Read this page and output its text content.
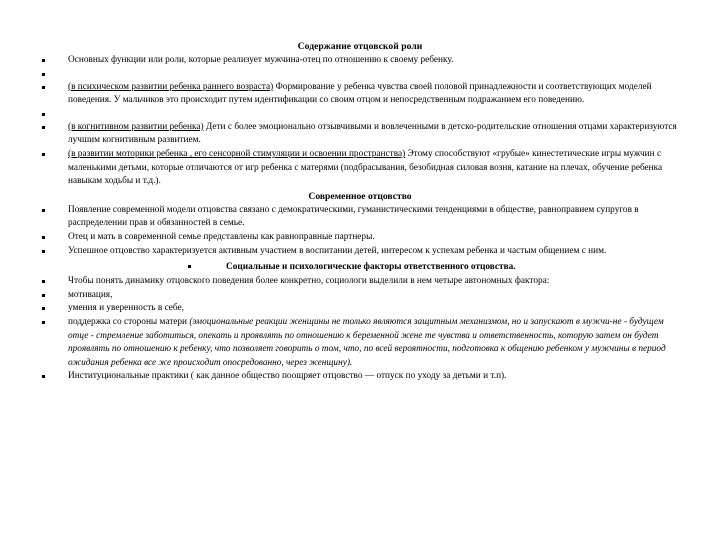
Содержание отцовской роли
Основных функции или роли, которые реализует мужчина-отец по отношению к своему ребенку.
(в психическом развитии ребенка раннего возраста) Формирование у ребенка чувства своей половой принадлежности и соответствующих моделей поведения. У мальчиков это происходит путем идентификации со своим отцом и непосредственным подражанием его поведению.
(в когнитивном развитии ребенка) Дети с более эмоционально отзывчивыми и вовлеченными в детско-родительские отношения отцами характеризуются лучшим когнитивным развитием.
(в развитии моторики ребенка , его сенсорной стимуляции и освоении пространства) Этому способствуют «грубые» кинестетические игры мужчин с маленькими детьми, которые отличаются от игр ребенка с матерями (подбрасывания, безобидная силовая возня, катание на плечах, обучение ребенка навыкам ходьбы и т.д.).
Современное отцовство
Появление современной модели отцовства связано с демократическими, гуманистическими тенденциями в обществе, равноправием супругов в распределении прав и обязанностей в семье.
Отец и мать в современной семье представлены как равноправные партнеры.
Успешное отцовство характеризуется активным участием в воспитании детей, интересом к успехам ребенка и частым общением с ним.
Социальные и психологические факторы ответственного отцовства.
Чтобы понять динамику отцовского поведения более конкретно, социологи выделили в нем четыре автономных фактора:
мотивация,
умения и уверенность в себе,
поддержка со стороны матери (эмоциональные реакции женщины не только являются защитным механизмом, но и запускают в мужчи-не - будущем отце - стремление заботиться, опекать и проявлять по отношению к беременной жене те чувства и ответственность, которую затем он будет проявлять по отношению к ребенку, что позволяет говорить о том, что, по всей вероятности, подготовка к общению ребенком у мужчины в период ожидания ребенка все же происходит опосредованно, через женщину).
Институциональные практики ( как данное общество поощряет отцовство — отпуск по уходу за детьми и т.п).
